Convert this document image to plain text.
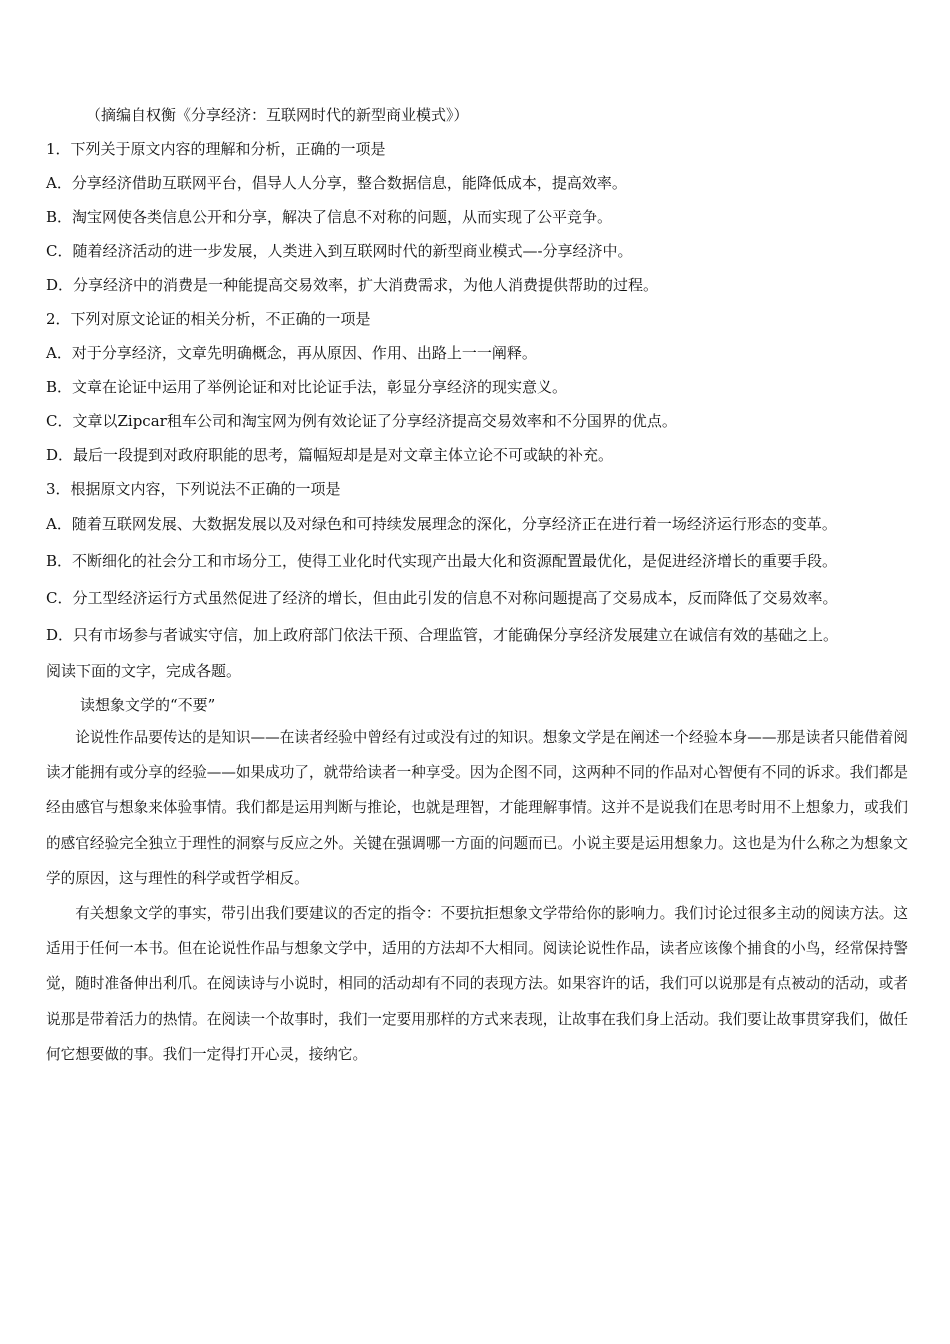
（摘编自权衡《分享经济：互联网时代的新型商业模式》）
1．下列关于原文内容的理解和分析，正确的一项是
A．分享经济借助互联网平台，倡导人人分享，整合数据信息，能降低成本，提高效率。
B．淘宝网使各类信息公开和分享，解决了信息不对称的问题，从而实现了公平竞争。
C．随着经济活动的进一步发展，人类进入到互联网时代的新型商业模式—-分享经济中。
D．分享经济中的消费是一种能提高交易效率，扩大消费需求，为他人消费提供帮助的过程。
2．下列对原文论证的相关分析，不正确的一项是
A．对于分享经济，文章先明确概念，再从原因、作用、出路上一一阐释。
B．文章在论证中运用了举例论证和对比论证手法，彰显分享经济的现实意义。
C．文章以Zipcar租车公司和淘宝网为例有效论证了分享经济提高交易效率和不分国界的优点。
D．最后一段提到对政府职能的思考，篇幅短却是是对文章主体立论不可或缺的补充。
3．根据原文内容，下列说法不正确的一项是
A．随着互联网发展、大数据发展以及对绿色和可持续发展理念的深化，分享经济正在进行着一场经济运行形态的变革。
B．不断细化的社会分工和市场分工，使得工业化时代实现产出最大化和资源配置最优化，是促进经济增长的重要手段。
C．分工型经济运行方式虽然促进了经济的增长，但由此引发的信息不对称问题提高了交易成本，反而降低了交易效率。
D．只有市场参与者诚实守信，加上政府部门依法干预、合理监管，才能确保分享经济发展建立在诚信有效的基础之上。
阅读下面的文字，完成各题。
读想象文学的“不要”

论说性作品要传达的是知识——在读者经验中曾经有过或没有过的知识。想象文学是在阐述一个经验本身——那是读者只能借着阅读才能拥有或分享的经验——如果成功了，就带给读者一种享受。因为企图不同，这两种不同的作品对心智便有不同的诉求。我们都是经由感官与想象来体验事情。我们都是运用判断与推论，也就是理智，才能理解事情。这并不是说我们在思考时用不上想象力，或我们的感官经验完全独立于理性的洞察与反应之外。关键在强调哪一方面的问题而已。小说主要是运用想象力。这也是为什么称之为想象文学的原因，这与理性的科学或哲学相反。

有关想象文学的事实，带引出我们要建议的否定的指令：不要抗拒想象文学带给你的影响力。我们讨论过很多主动的阅读方法。这适用于任何一本书。但在论说性作品与想象文学中，适用的方法却不大相同。阅读论说性作品，读者应该像个捕食的小鸟，经常保持警觉，随时准备伸出利爪。在阅读诗与小说时，相同的活动却有不同的表现方法。如果容许的话，我们可以说那是有点被动的活动，或者说那是带着活力的热情。在阅读一个故事时，我们一定要用那样的方式来表现，让故事在我们身上活动。我们要让故事贯穿我们，做任何它想要做的事。我们一定得打开心灵，接纳它。
